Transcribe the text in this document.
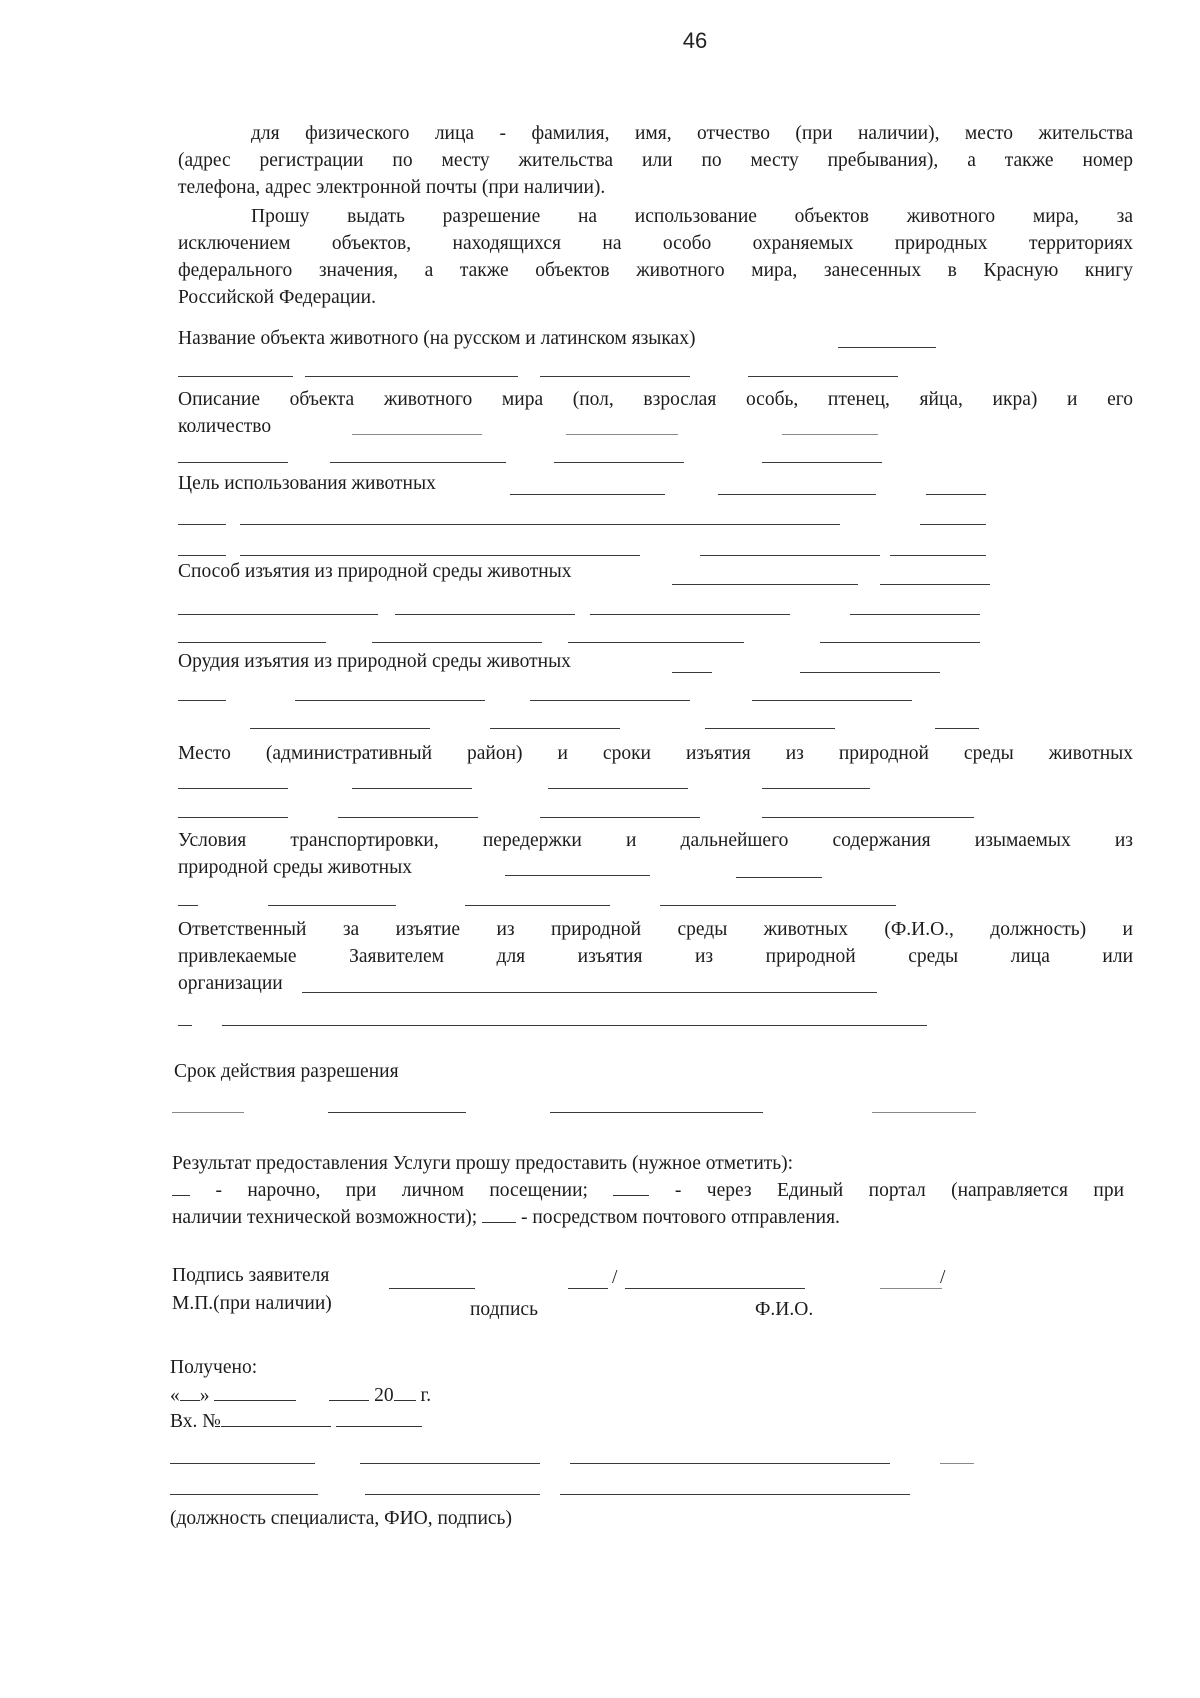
46
для физического лица - фамилия, имя, отчество (при наличии), место жительства
(адрес регистрации по месту жительства или по месту пребывания), а также номер
телефона, адрес электронной почты (при наличии).
Прошу выдать разрешение на использование объектов животного мира, за
исключением объектов, находящихся на особо охраняемых природных территориях
федерального значения, а также объектов животного мира, занесенных в Красную книгу
Российской Федерации.
Название объекта животного (на русском и латинском языках)
Описание объекта животного мира (пол, взрослая особь, птенец, яйца, икра) и его
количество
Цель использования животных
Способ изъятия из природной среды животных
Орудия изъятия из природной среды животных
Место (административный район) и сроки изъятия из природной среды животных
Условия транспортировки, передержки и дальнейшего содержания изымаемых из
природной среды животных
Ответственный за изъятие из природной среды животных (Ф.И.О., должность) и
привлекаемые Заявителем для изъятия из природной среды лица или
организации
Срок действия разрешения
Результат предоставления Услуги прошу предоставить (нужное отметить):
- нарочно, при личном посещении;	- через Единый портал (направляется при
наличии технической возможности); - посредством почтового отправления.
Подпись заявителя	/	/
М.П.(при наличии)	подпись	Ф.И.О.
Получено:
« »	20 г.
Вх. №
(должность специалиста, ФИО, подпись)
